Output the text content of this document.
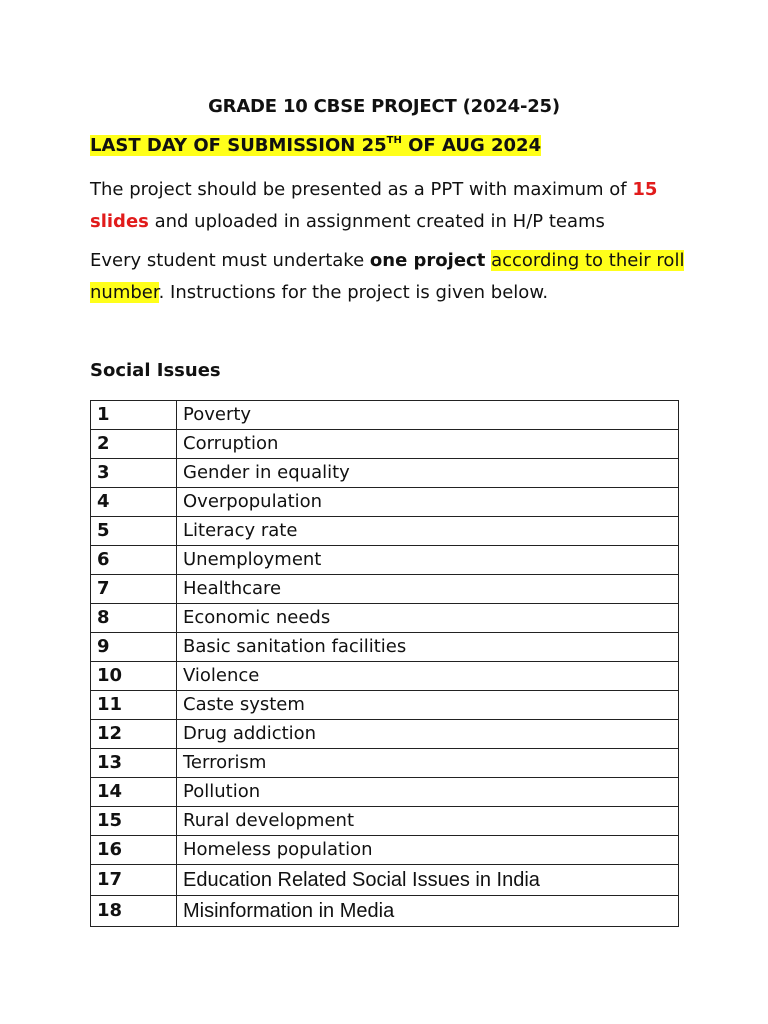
GRADE 10 CBSE PROJECT (2024-25)
LAST DAY OF SUBMISSION 25TH OF AUG 2024
The project should be presented as a PPT with maximum of 15 slides and uploaded in assignment created in H/P teams
Every student must undertake one project according to their roll number. Instructions for the project is given below.
Social Issues
1	Poverty
2	Corruption
3	Gender in equality
4	Overpopulation
5	Literacy rate
6	Unemployment
7	Healthcare
8	Economic needs
9	Basic sanitation facilities
10	Violence
11	Caste system
12	Drug addiction
13	Terrorism
14	Pollution
15	Rural development
16	Homeless population
17	Education Related Social Issues in India
18	Misinformation in Media
